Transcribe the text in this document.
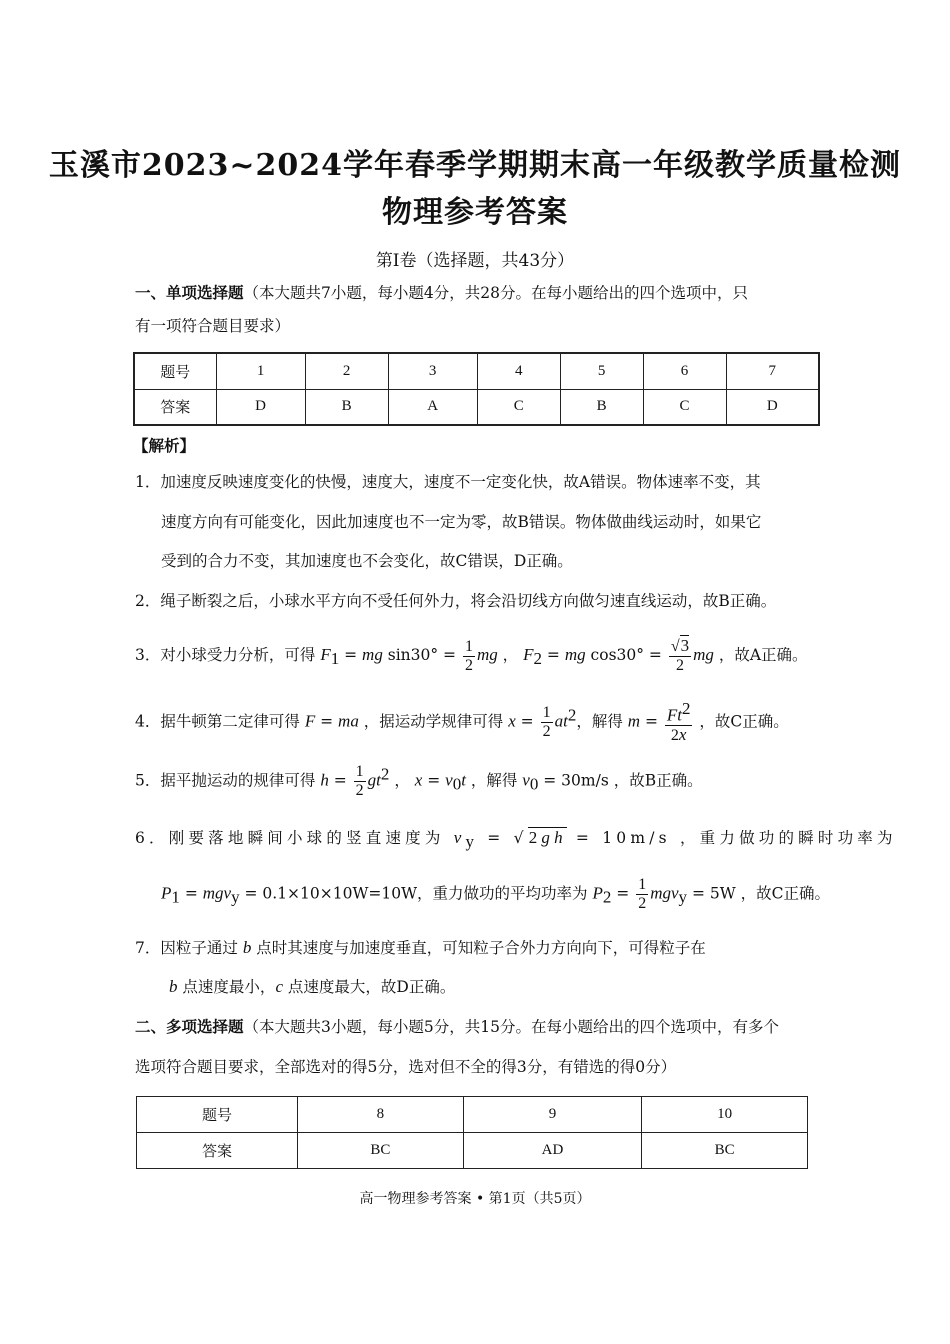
玉溪市2023~2024学年春季学期期末高一年级教学质量检测
物理参考答案
第Ⅰ卷（选择题，共43分）
一、单项选择题（本大题共7小题，每小题4分，共28分。在每小题给出的四个选项中，只
有一项符合题目要求）
题号	1	2	3	4	5	6	7
答案	D	B	A	C	B	C	D
【解析】
1．加速度反映速度变化的快慢，速度大，速度不一定变化快，故A错误。物体速率不变，其
速度方向有可能变化，因此加速度也不一定为零，故B错误。物体做曲线运动时，如果它
受到的合力不变，其加速度也不会变化，故C错误，D正确。
2．绳子断裂之后，小球水平方向不受任何外力，将会沿切线方向做匀速直线运动，故B正确。
3．对小球受力分析，可得 $F_1$ = mg $\sin 30^\circ = \frac{1}{2}$ mg ， $F_2$ = mg $\cos 30^\circ = \frac{√3}{2}$ mg ，故A正确。
4．据牛顿第二定律可得 F = ma ，据运动学规律可得 $x = \frac{1}{2} at^2$，解得 $m = \frac{Ft^2}{2x}$ ，故C正确。
5．据平抛运动的规律可得 $h = \frac{1}{2} gt^2$ ， $x = v_0t$ ，解得 $v_0 = 30m/s$ ，故B正确。
6．刚要落地瞬间小球的竖直速度为 $v_y = √2gh = 10m/s$ ，重力做功的瞬时功率为
$P_1 = mgv_y = 0.1\times 10\times 10W=10W$，重力做功的平均功率为 $P_2 = \frac{1}{2} mgv_y = 5W$ ，故C正确。
7．因粒子通过 b 点时其速度与加速度垂直，可知粒子合外力方向向下，可得粒子在
b 点速度最小，c 点速度最大，故D正确。
二、多项选择题（本大题共3小题，每小题5分，共15分。在每小题给出的四个选项中，有多个
选项符合题目要求，全部选对的得5分，选对但不全的得3分，有错选的得0分）
题号	8	9	10
答案	BC	AD	BC
高一物理参考答案 • 第1页（共5页）
